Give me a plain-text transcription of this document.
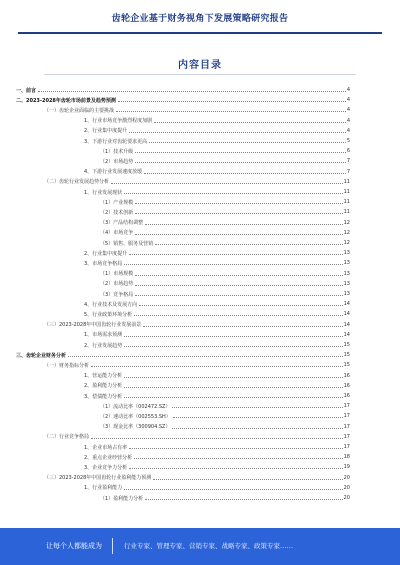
齿轮企业基于财务视角下发展策略研究报告
内容目录
一、前言	4
二、2023-2028年齿轮市场前景及趋势预测	4
（一）齿轮企业面临的主要挑战	4
1、行业市场竞争激烈程度加剧	4
2、行业集中度提升	4
3、下游行业对齿轮要求更高	5
（1）技术升级	6
（2）市场趋势	7
4、下游行业发展速度放缓	7
（二）齿轮行业发展趋势分析	11
1、行业发展现状	11
（1）产业规模	11
（2）技术创新	11
（3）产品结构调整	12
（4）市场竞争	12
（5）销售、服务及营销	12
2、行业集中度提升	13
3、市场竞争格局	13
（1）市场规模	13
（2）市场趋势	13
（3）竞争格局	13
4、行业技术及发展方向	14
5、行业政策环境分析	14
（三）2023-2028年中国齿轮行业发展前景	14
1、市场需求预测	14
2、行业发展趋势	15
三、齿轮企业财务分析	15
（一）财务指标分析	15
1、营运能力分析	16
2、盈利能力分析	16
3、偿债能力分析	16
（1）流动比率（002472.SZ）	17
（2）速动比率（002553.SH）	17
（3）现金比率（300904.SZ）	17
（二）行业竞争格局	17
1、企业市场占有率	17
2、重点企业经营分析	18
3、企业竞争力分析	19
（三）2023-2028年中国齿轮行业盈利能力预测	20
1、行业盈利能力	20
（1）盈利能力分析	20
让每个人都能成为	行业专家、管理专家、营销专家、战略专家、政策专家……
